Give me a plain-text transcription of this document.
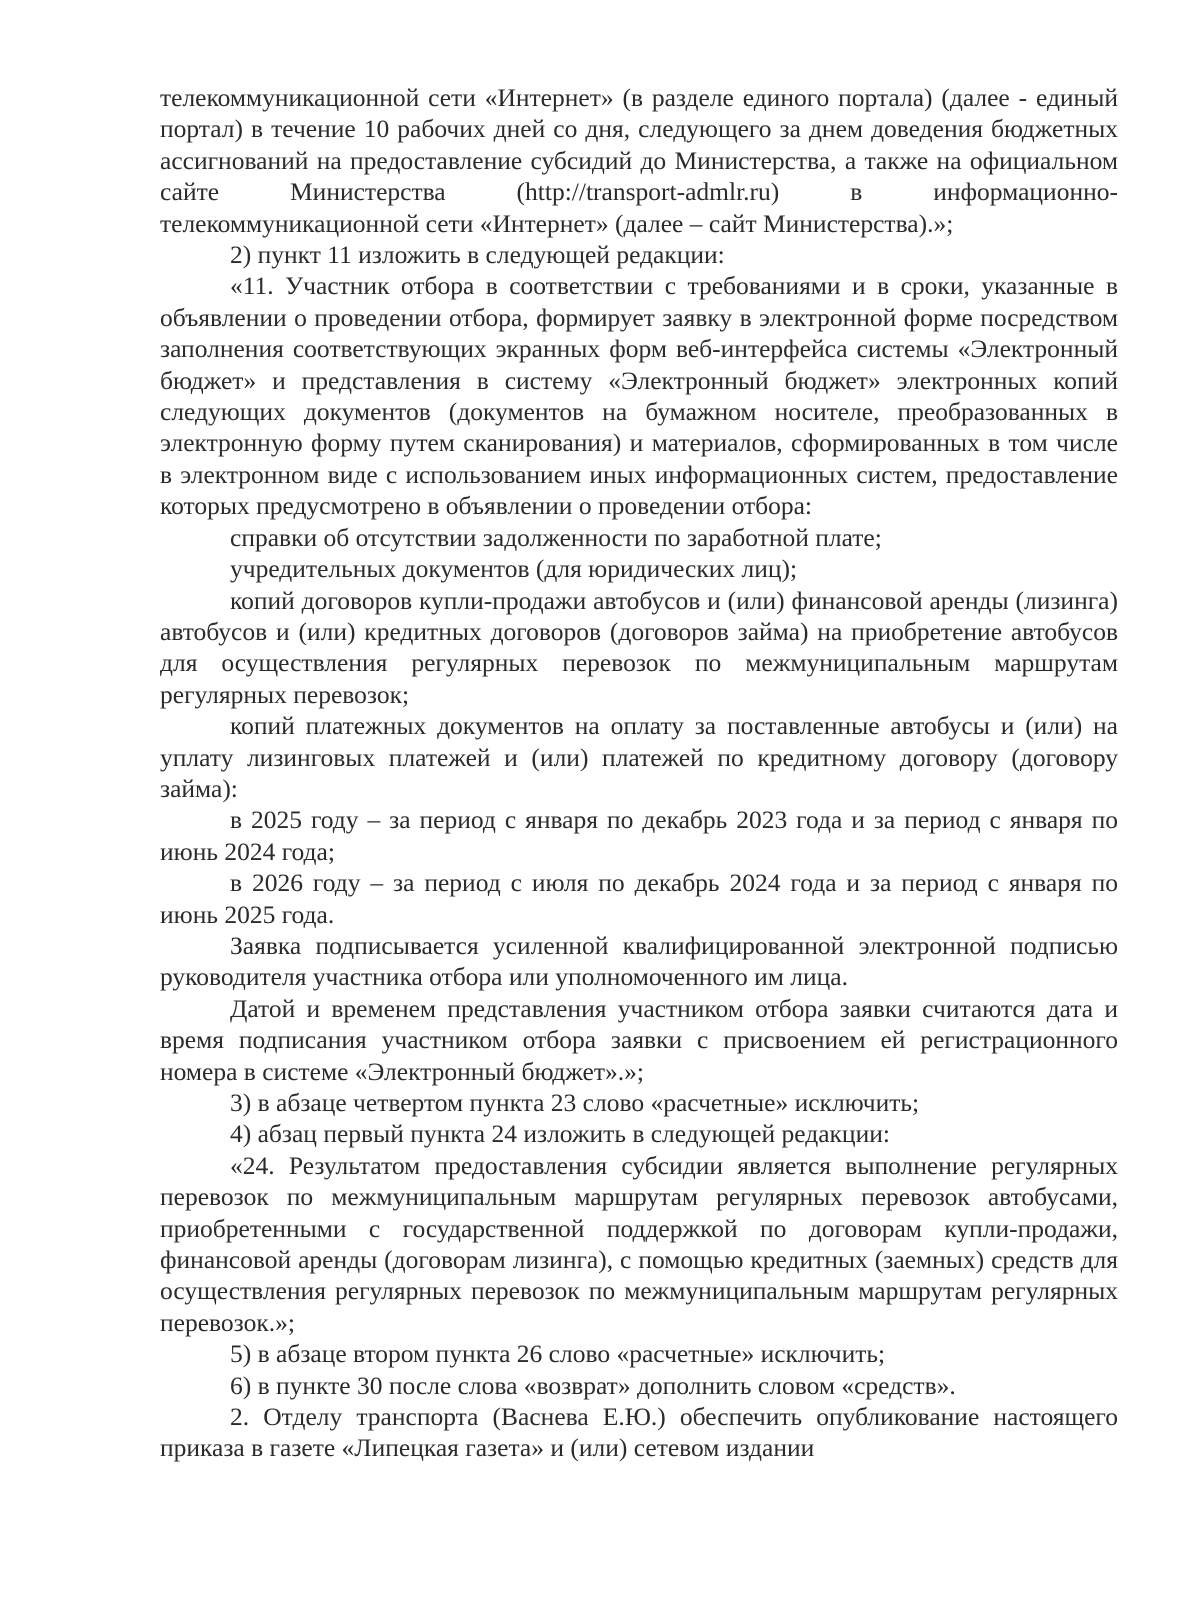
телекоммуникационной сети «Интернет» (в разделе единого портала) (далее - единый портал) в течение 10 рабочих дней со дня, следующего за днем доведения бюджетных ассигнований на предоставление субсидий до Министерства, а также на официальном сайте Министерства (http://transport-admlr.ru) в информационно-телекоммуникационной сети «Интернет» (далее – сайт Министерства).»;

2) пункт 11 изложить в следующей редакции:

«11. Участник отбора в соответствии с требованиями и в сроки, указанные в объявлении о проведении отбора, формирует заявку в электронной форме посредством заполнения соответствующих экранных форм веб-интерфейса системы «Электронный бюджет» и представления в систему «Электронный бюджет» электронных копий следующих документов (документов на бумажном носителе, преобразованных в электронную форму путем сканирования) и материалов, сформированных в том числе в электронном виде с использованием иных информационных систем, предоставление которых предусмотрено в объявлении о проведении отбора:

справки об отсутствии задолженности по заработной плате;

учредительных документов (для юридических лиц);

копий договоров купли-продажи автобусов и (или) финансовой аренды (лизинга) автобусов и (или) кредитных договоров (договоров займа) на приобретение автобусов для осуществления регулярных перевозок по межмуниципальным маршрутам регулярных перевозок;

копий платежных документов на оплату за поставленные автобусы и (или) на уплату лизинговых платежей и (или) платежей по кредитному договору (договору займа):

в 2025 году – за период с января по декабрь 2023 года и за период с января по июнь 2024 года;

в 2026 году – за период с июля по декабрь 2024 года и за период с января по июнь 2025 года.

Заявка подписывается усиленной квалифицированной электронной подписью руководителя участника отбора или уполномоченного им лица.

Датой и временем представления участником отбора заявки считаются дата и время подписания участником отбора заявки с присвоением ей регистрационного номера в системе «Электронный бюджет».»;

3) в абзаце четвертом пункта 23 слово «расчетные» исключить;

4) абзац первый пункта 24 изложить в следующей редакции:

«24. Результатом предоставления субсидии является выполнение регулярных перевозок по межмуниципальным маршрутам регулярных перевозок автобусами, приобретенными с государственной поддержкой по договорам купли-продажи, финансовой аренды (договорам лизинга), с помощью кредитных (заемных) средств для осуществления регулярных перевозок по межмуниципальным маршрутам регулярных перевозок.»;

5) в абзаце втором пункта 26 слово «расчетные» исключить;

6) в пункте 30 после слова «возврат» дополнить словом «средств».

2. Отделу транспорта (Васнева Е.Ю.) обеспечить опубликование настоящего приказа в газете «Липецкая газета» и (или) сетевом издании
